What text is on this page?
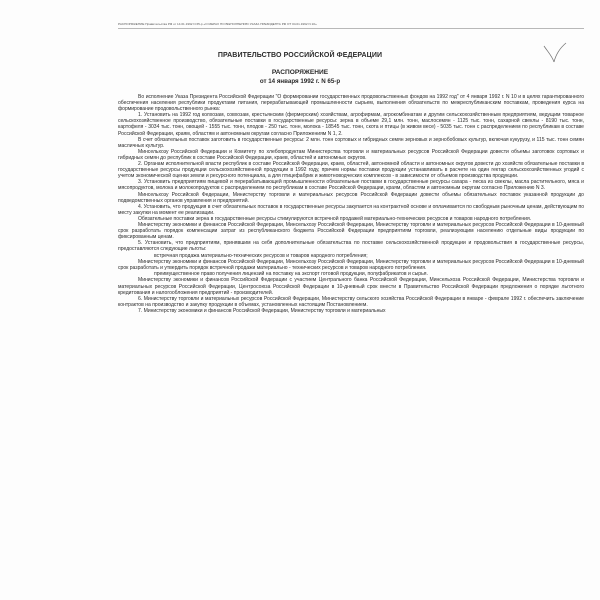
РАСПОРЯЖЕНИЕ Правительства РФ от 14.01.1992 N 65-р «О МЕРАХ ПО ВЫПОЛНЕНИЮ УКАЗА ПРЕЗИДЕНТА РФ ОТ 04.01.1992 N 10»
ПРАВИТЕЛЬСТВО РОССИЙСКОЙ ФЕДЕРАЦИИ
РАСПОРЯЖЕНИЕ
от 14 января 1992 г. N 65-р

Во исполнение Указа Президента Российской Федерации "О формировании государственных продовольственных фондов на 1992 год" от 4 января 1992 г. N 10 и в целях гарантированного обеспечения населения республики продуктами питания, перерабатывающей промышленности сырьем, выполнения обязательств по межреспубликанским поставкам, проведения курса на формирование продовольственного рынка:

1. Установить на 1992 год колхозам, совхозам, крестьянским (фермерским) хозяйствам, агрофирмам, агрокомбинатам и другим сельскохозяйственным предприятиям, ведущим товарное сельскохозяйственное производство, обязательные поставки в государственные ресурсы: зерна в объеме 29,1 млн. тонн, маслосемян - 1125 тыс. тонн, сахарной свеклы - 8190 тыс. тонн, картофеля - 3034 тыс. тонн, овощей - 1555 тыс. тонн, плодов - 250 тыс. тонн, молока - 18545 тыс. тонн, скота и птицы (в живом весе) - 5035 тыс. тонн с распределением по республикам в составе Российской Федерации, краям, областям и автономным округам согласно Приложениям N 1, 2.

В счет обязательных поставок заготовить в государственные ресурсы: 2 млн. тонн сортовых и гибридных семян зерновых и зернобобовых культур, включая кукурузу, и 115 тыс. тонн семян масличных культур.

Минсельхозу Российской Федерации и Комитету по хлебопродуктам Министерства торговли и материальных ресурсов Российской Федерации довести объемы заготовок сортовых и гибридных семян до республик в составе Российской Федерации, краев, областей и автономных округов.

2. Органам исполнительной власти республик в составе Российской Федерации, краев, областей, автономной области и автономных округов довести до хозяйств обязательные поставки в государственные ресурсы продукции сельскохозяйственной продукции в 1992 году, причем нормы поставки продукции устанавливать в расчете на один гектар сельскохозяйственных угодий с учетом экономической оценки земли и ресурсного потенциала, а для птицефабрик и животноводческих комплексов - в зависимости от объемов производства продукции.

3. Установить предприятиям пищевой и перерабатывающей промышленности обязательные поставки в государственные ресурсы сахара - песка из свеклы, масла растительного, мяса и мясопродуктов, молока и молокопродуктов с распределением по республикам в составе Российской Федерации, краям, областям и автономным округам согласно Приложению N 3.

Минсельхозу Российской Федерации, Министерству торговли и материальных ресурсов Российской Федерации довести объемы обязательных поставок указанной продукции до подведомственных органов управления и предприятий.

4. Установить, что продукция в счет обязательных поставок в государственные ресурсы закупается на контрактной основе и оплачивается по свободным рыночным ценам, действующим по месту закупки на момент ее реализации.

Обязательные поставки зерна в государственные ресурсы стимулируются встречной продажей материально-технических ресурсов и товаров народного потребления.

Министерству экономики и финансов Российской Федерации, Минсельхозу Российской Федерации, Министерству торговли и материальных ресурсов Российской Федерации в 10-дневный срок разработать порядок компенсации затрат из республиканского бюджета Российской Федерации предприятиям торговли, реализующим населению отдельные виды продукции по фиксированным ценам.

5. Установить, что предприятиям, принявшим на себя дополнительные обязательства по поставке сельскохозяйственной продукции и продовольствия в государственные ресурсы, предоставляются следующие льготы:

встречная продажа материально-технических ресурсов и товаров народного потребления;

Министерству экономики и финансов Российской Федерации, Минсельхозу Российской Федерации, Министерству торговли и материальных ресурсов Российской Федерации в 10-дневный срок разработать и утвердить порядок встречной продажи материально - технических ресурсов и товаров народного потребления.

преимущественное право получения лицензий на поставку на экспорт готовой продукции, полуфабрикатов и сырья.

Министерству экономики и финансов Российской Федерации с участием Центрального банка Российской Федерации, Минсельхоза Российской Федерации, Министерства торговли и материальных ресурсов Российской Федерации, Центросоюза Российской Федерации в 10-дневный срок внести в Правительство Российской Федерации предложения о порядке льготного кредитования и налогообложения предприятий - производителей.

6. Министерству торговли и материальных ресурсов Российской Федерации, Министерству сельского хозяйства Российской Федерации в январе - феврале 1992 г. обеспечить заключение контрактов на производство и закупку продукции в объемах, установленных настоящим Постановлением.

7. Министерству экономики и финансов Российской Федерации, Министерству торговли и материальных
